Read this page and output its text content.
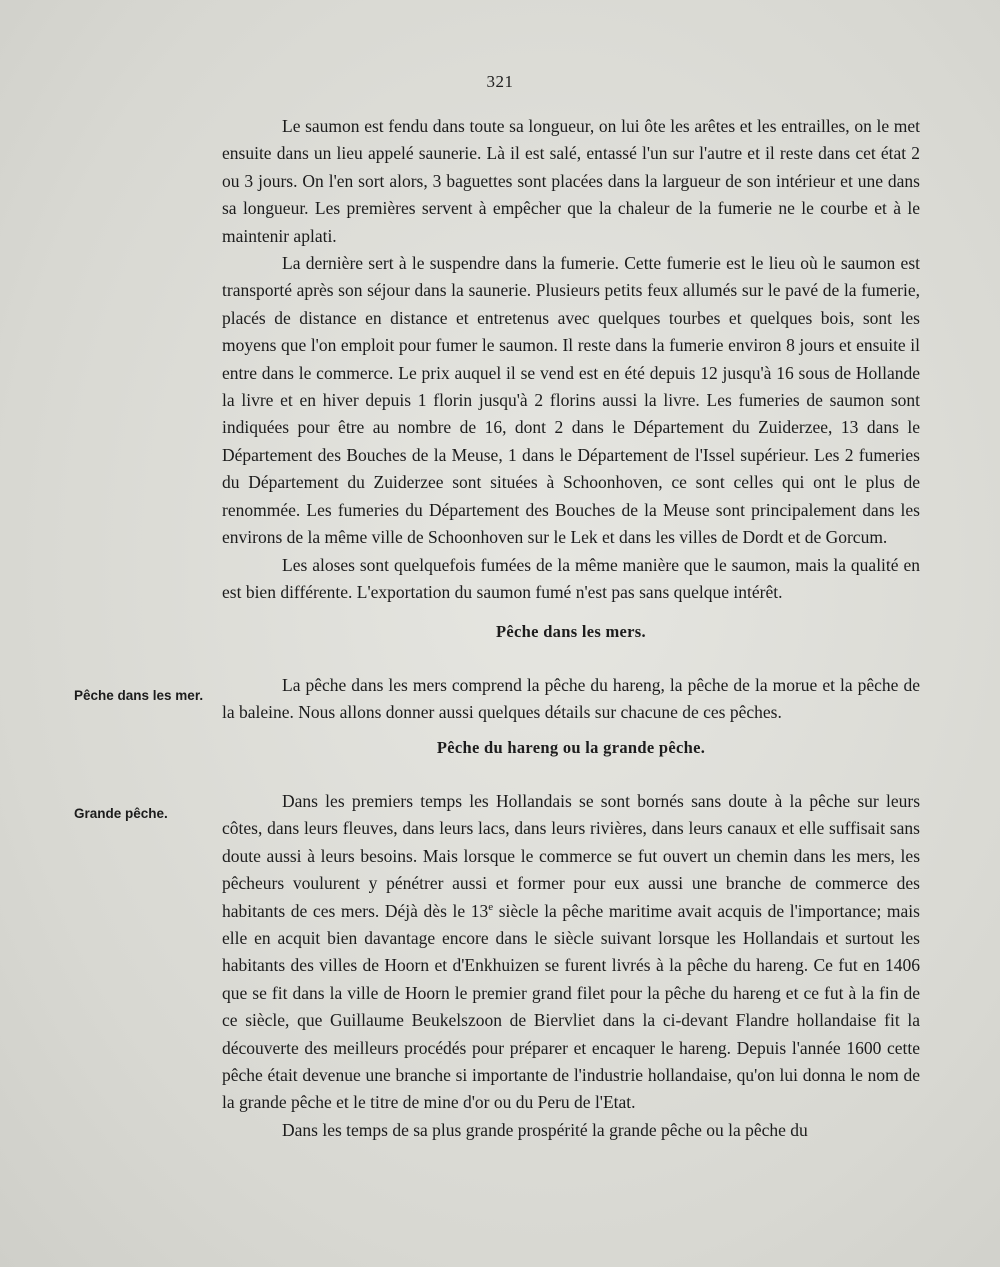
321

Le saumon est fendu dans toute sa longueur, on lui ôte les arêtes et les entrailles, on le met ensuite dans un lieu appelé saunerie. Là il est salé, entassé l'un sur l'autre et il reste dans cet état 2 ou 3 jours. On l'en sort alors, 3 baguettes sont placées dans la largueur de son intérieur et une dans sa longueur. Les premières servent à empêcher que la chaleur de la fumerie ne le courbe et à le maintenir aplati.

La dernière sert à le suspendre dans la fumerie. Cette fumerie est le lieu où le saumon est transporté après son séjour dans la saunerie. Plusieurs petits feux allumés sur le pavé de la fumerie, placés de distance en distance et entretenus avec quelques tourbes et quelques bois, sont les moyens que l'on emploit pour fumer le saumon. Il reste dans la fumerie environ 8 jours et ensuite il entre dans le commerce. Le prix auquel il se vend est en été depuis 12 jusqu'à 16 sous de Hollande la livre et en hiver depuis 1 florin jusqu'à 2 florins aussi la livre. Les fumeries de saumon sont indiquées pour être au nombre de 16, dont 2 dans le Département du Zuiderzee, 13 dans le Département des Bouches de la Meuse, 1 dans le Département de l'Issel supérieur. Les 2 fumeries du Département du Zuiderzee sont situées à Schoonhoven, ce sont celles qui ont le plus de renommée. Les fumeries du Département des Bouches de la Meuse sont principalement dans les environs de la même ville de Schoonhoven sur le Lek et dans les villes de Dordt et de Gorcum.

Les aloses sont quelquefois fumées de la même manière que le saumon, mais la qualité en est bien différente. L'exportation du saumon fumé n'est pas sans quelque intérêt.

Pêche dans les mers.
Pêche dans les mer.

La pêche dans les mers comprend la pêche du hareng, la pêche de la morue et la pêche de la baleine. Nous allons donner aussi quelques détails sur chacune de ces pêches.

Pêche du hareng ou la grande pêche.
Grande pêche.

Dans les premiers temps les Hollandais se sont bornés sans doute à la pêche sur leurs côtes, dans leurs fleuves, dans leurs lacs, dans leurs rivières, dans leurs canaux et elle suffisait sans doute aussi à leurs besoins. Mais lorsque le commerce se fut ouvert un chemin dans les mers, les pêcheurs voulurent y pénétrer aussi et former pour eux aussi une branche de commerce des habitants de ces mers. Déjà dès le 13e siècle la pêche maritime avait acquis de l'importance; mais elle en acquit bien davantage encore dans le siècle suivant lorsque les Hollandais et surtout les habitants des villes de Hoorn et d'Enkhuizen se furent livrés à la pêche du hareng. Ce fut en 1406 que se fit dans la ville de Hoorn le premier grand filet pour la pêche du hareng et ce fut à la fin de ce siècle, que Guillaume Beukelszoon de Biervliet dans la ci-devant Flandre hollandaise fit la découverte des meilleurs procédés pour préparer et encaquer le hareng. Depuis l'année 1600 cette pêche était devenue une branche si importante de l'industrie hollandaise, qu'on lui donna le nom de la grande pêche et le titre de mine d'or ou du Peru de l'Etat.

Dans les temps de sa plus grande prospérité la grande pêche ou la pêche du
